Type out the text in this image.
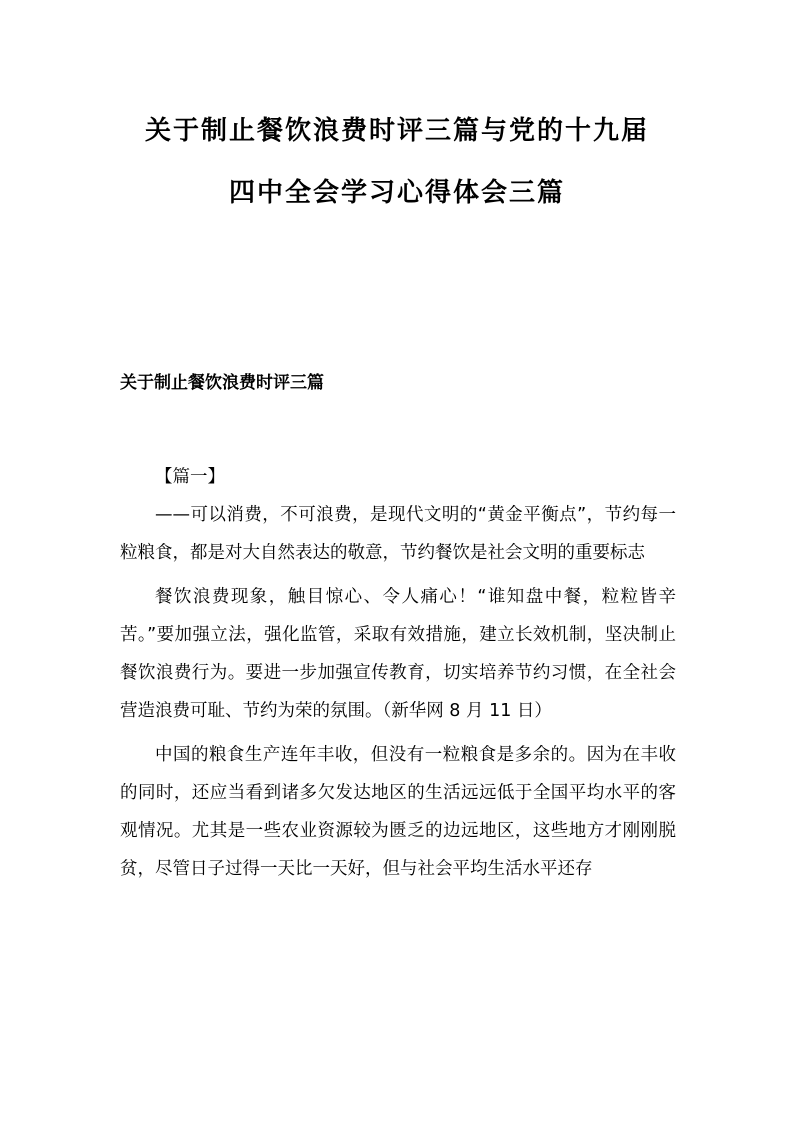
关于制止餐饮浪费时评三篇与党的十九届
四中全会学习心得体会三篇
关于制止餐饮浪费时评三篇

【篇一】

——可以消费，不可浪费，是现代文明的“黄金平衡点”，节约每一粒粮食，都是对大自然表达的敬意，节约餐饮是社会文明的重要标志

餐饮浪费现象，触目惊心、令人痛心！“谁知盘中餐，粒粒皆辛苦。”要加强立法，强化监管，采取有效措施，建立长效机制，坚决制止餐饮浪费行为。要进一步加强宣传教育，切实培养节约习惯，在全社会营造浪费可耻、节约为荣的氛围。（新华网 8 月 11 日）

中国的粮食生产连年丰收，但没有一粒粮食是多余的。因为在丰收的同时，还应当看到诸多欠发达地区的生活远远低于全国平均水平的客观情况。尤其是一些农业资源较为匮乏的边远地区，这些地方才刚刚脱贫，尽管日子过得一天比一天好，但与社会平均生活水平还存
